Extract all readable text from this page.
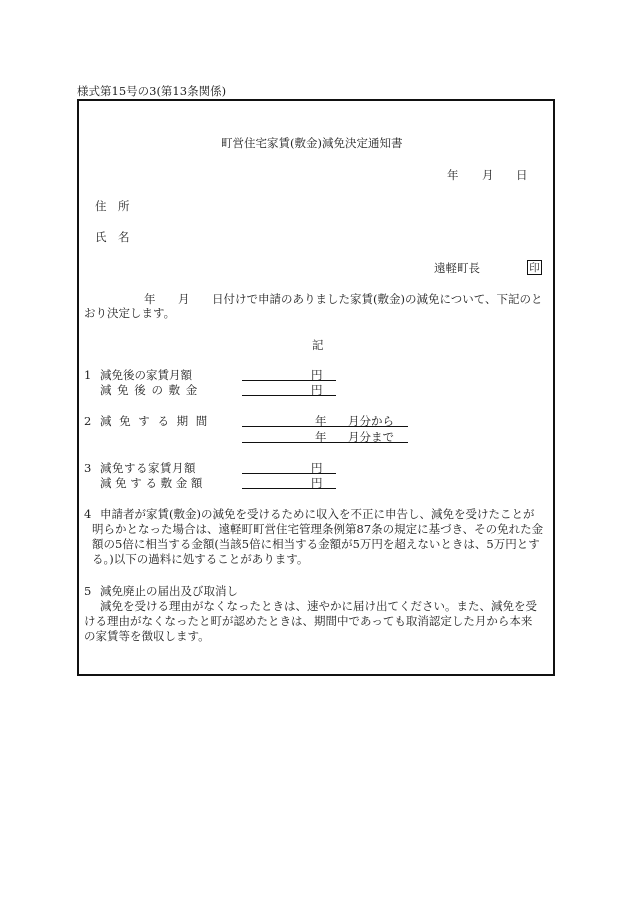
様式第15号の3(第13条関係)
町営住宅家賃(敷金)減免決定通知書
年 月 日
住　所
氏　名
遠軽町長	印
年 月 日付けで申請のありました家賃(敷金)の減免について、下記のと
おり決定します。
記
1 減免後の家賃月額	円
減 免 後 の 敷 金	円
2 減 免 す る 期 間	年 月分から
年 月分まで
3 減免する家賃月額	円
減 免 す る 敷 金 額	円
4 申請者が家賃(敷金)の減免を受けるために収入を不正に申告し、減免を受けたことが
明らかとなった場合は、遠軽町町営住宅管理条例第87条の規定に基づき、その免れた金
額の5倍に相当する金額(当該5倍に相当する金額が5万円を超えないときは、5万円とす
る。)以下の過料に処することがあります。
5 減免廃止の届出及び取消し
減免を受ける理由がなくなったときは、速やかに届け出てください。また、減免を受
ける理由がなくなったと町が認めたときは、期間中であっても取消認定した月から本来
の家賃等を徴収します。
